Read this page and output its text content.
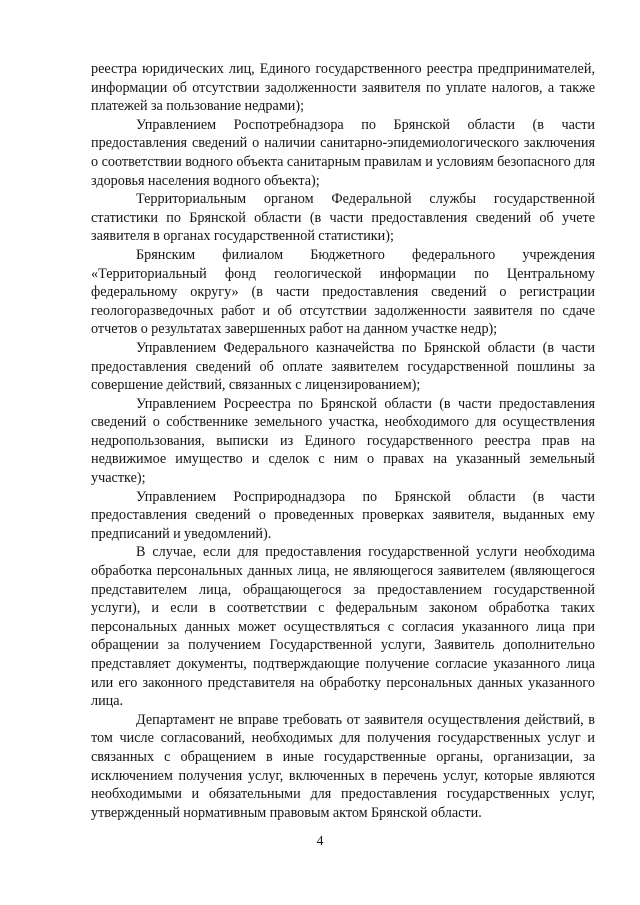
реестра юридических лиц, Единого государственного реестра предпринимателей, информации об отсутствии задолженности заявителя по уплате налогов, а также платежей за пользование недрами);

Управлением Роспотребнадзора по Брянской области (в части предоставления сведений о наличии санитарно-эпидемиологического заключения о соответствии водного объекта санитарным правилам и условиям безопасного для здоровья населения водного объекта);

Территориальным органом Федеральной службы государственной статистики по Брянской области (в части предоставления сведений об учете заявителя в органах государственной статистики);

Брянским филиалом Бюджетного федерального учреждения «Территориальный фонд геологической информации по Центральному федеральному округу» (в части предоставления сведений о регистрации геологоразведочных работ и об отсутствии задолженности заявителя по сдаче отчетов о результатах завершенных работ на данном участке недр);

Управлением Федерального казначейства по Брянской области (в части предоставления сведений об оплате заявителем государственной пошлины за совершение действий, связанных с лицензированием);

Управлением Росреестра по Брянской области (в части предоставления сведений о собственнике земельного участка, необходимого для осуществления недропользования, выписки из Единого государственного реестра прав на недвижимое имущество и сделок с ним о правах на указанный земельный участке);

Управлением Росприроднадзора по Брянской области (в части предоставления сведений о проведенных проверках заявителя, выданных ему предписаний и уведомлений).

В случае, если для предоставления государственной услуги необходима обработка персональных данных лица, не являющегося заявителем (являющегося представителем лица, обращающегося за предоставлением государственной услуги), и если в соответствии с федеральным законом обработка таких персональных данных может осуществляться с согласия указанного лица при обращении за получением Государственной услуги, Заявитель дополнительно представляет документы, подтверждающие получение согласие указанного лица или его законного представителя на обработку персональных данных указанного лица.

Департамент не вправе требовать от заявителя осуществления действий, в том числе согласований, необходимых для получения государственных услуг и связанных с обращением в иные государственные органы, организации, за исключением получения услуг, включенных в перечень услуг, которые являются необходимыми и обязательными для предоставления государственных услуг, утвержденный нормативным правовым актом Брянской области.

4
